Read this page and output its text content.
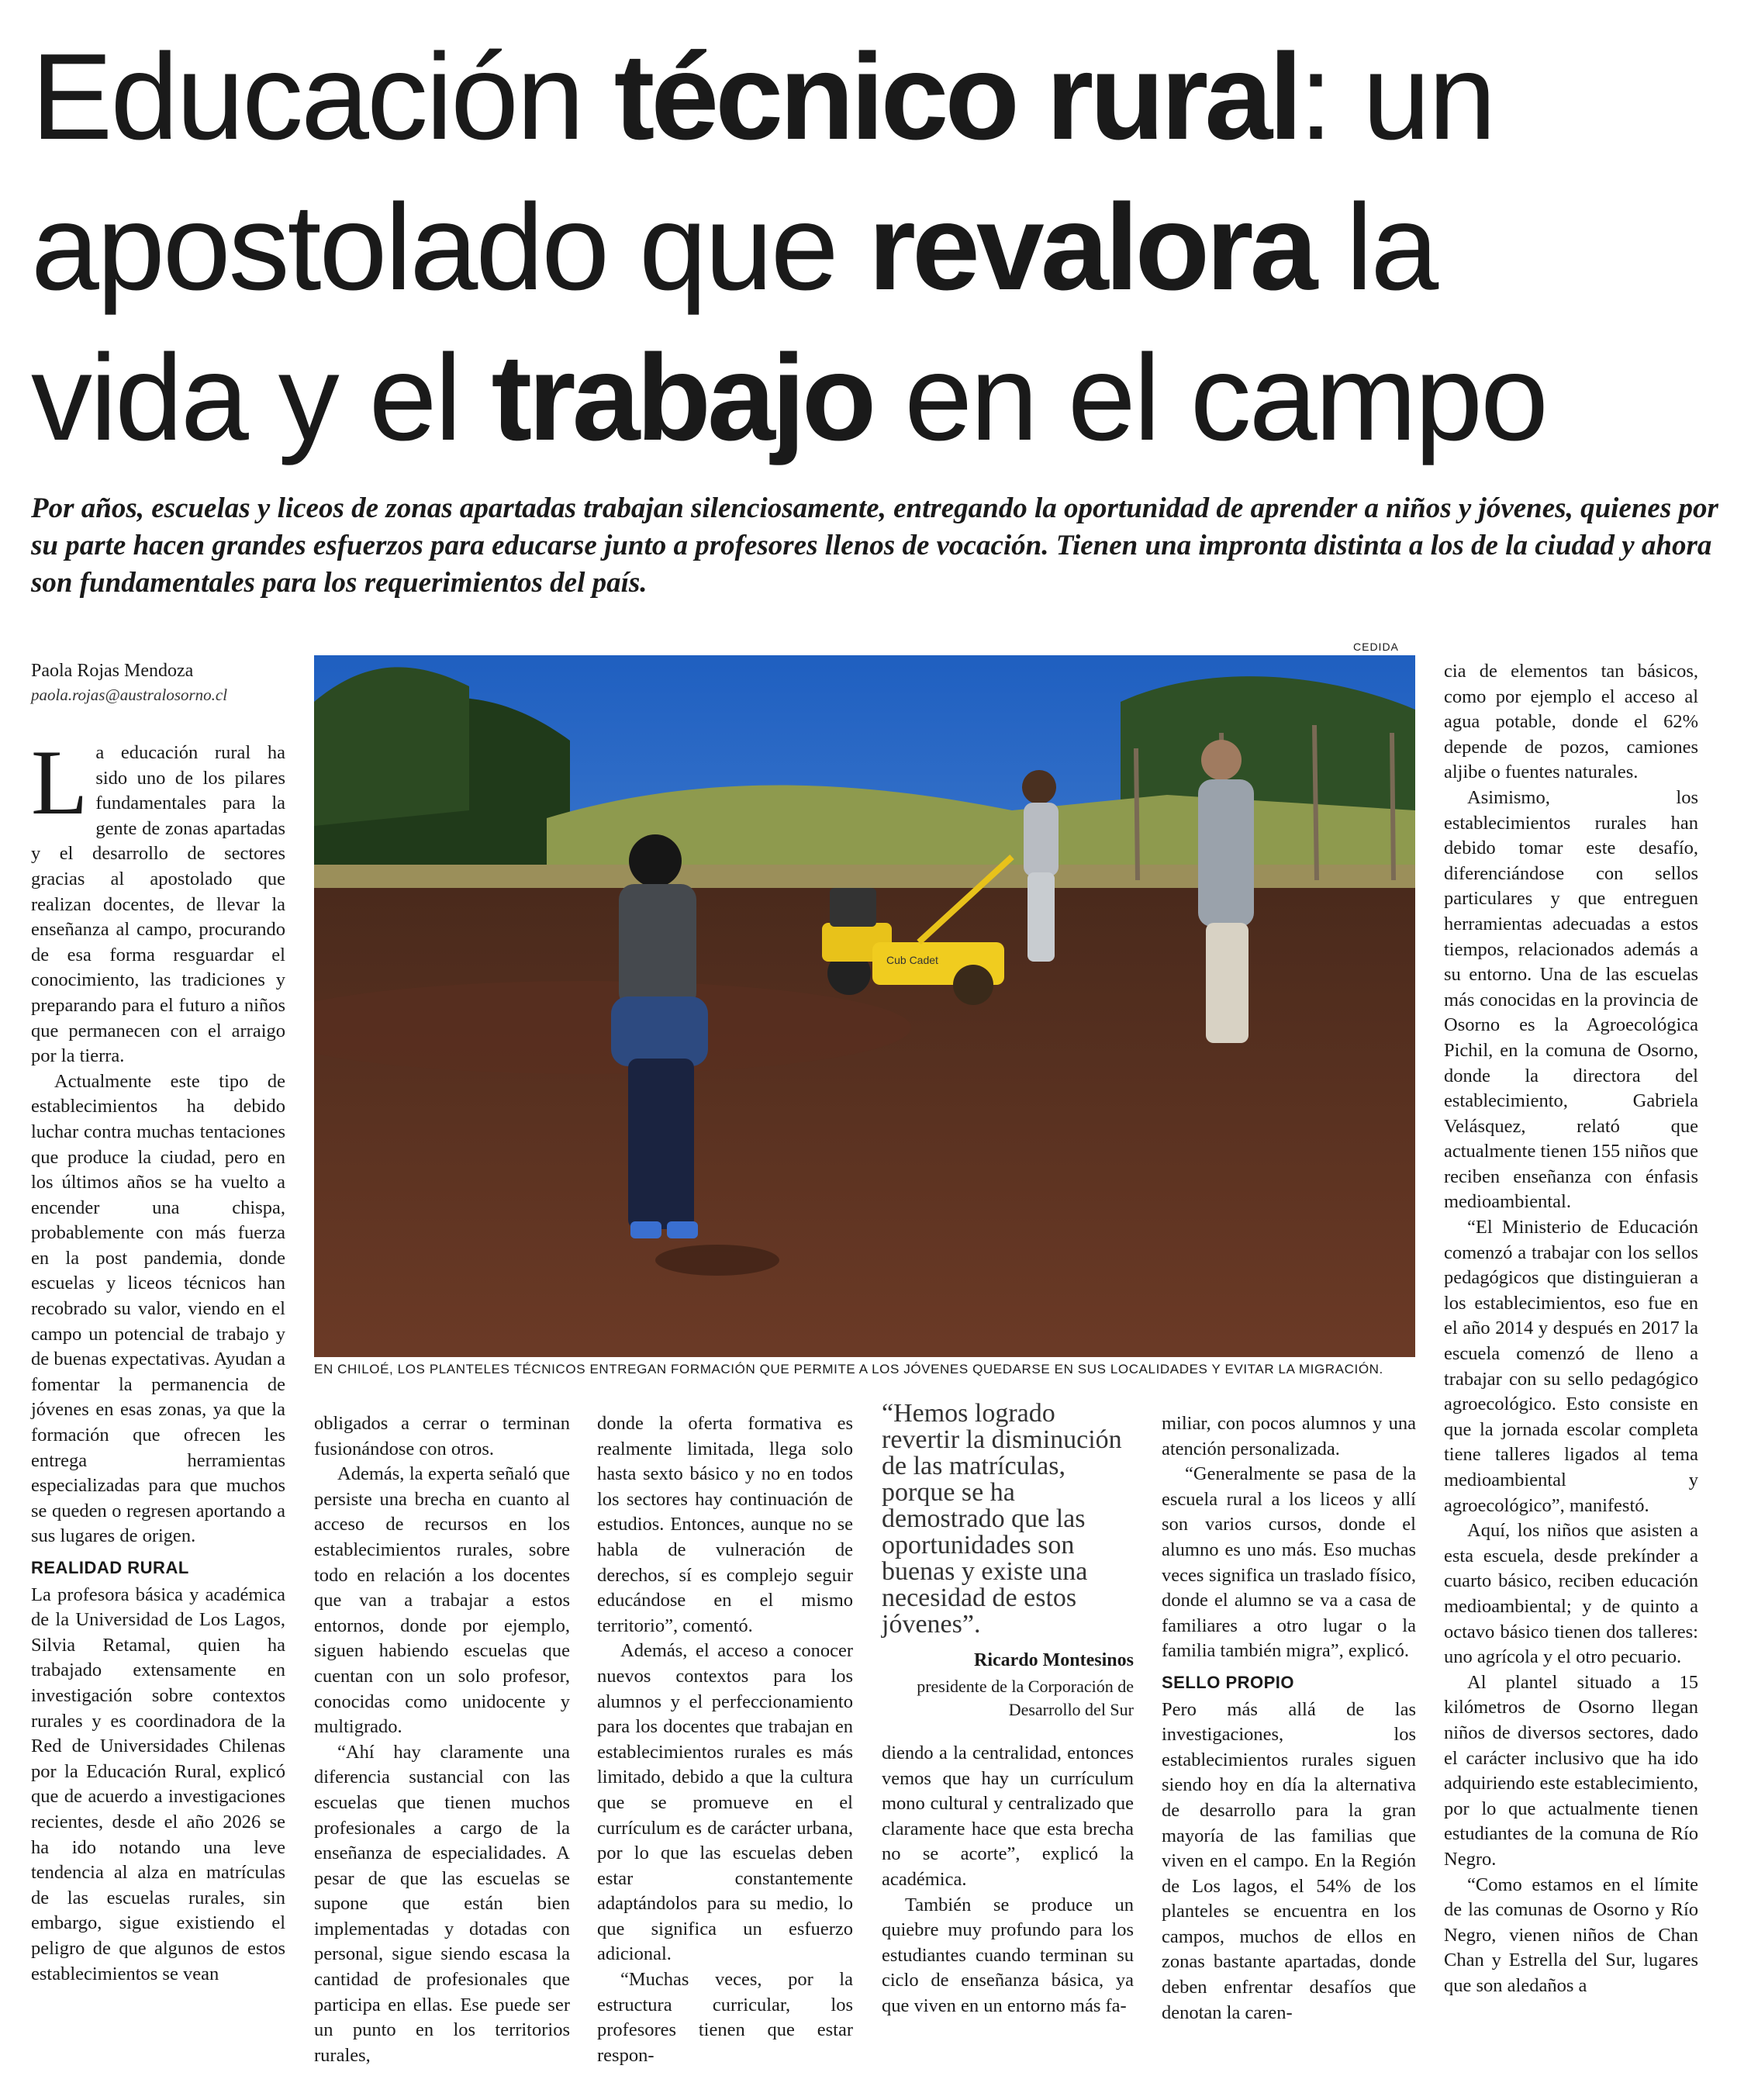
Educación técnico rural: un
apostolado que revalora la
vida y el trabajo en el campo

Por años, escuelas y liceos de zonas apartadas trabajan silenciosamente, entregando la oportunidad de aprender a niños y jóvenes, quienes por su parte hacen grandes esfuerzos para educarse junto a profesores llenos de vocación. Tienen una impronta distinta a los de la ciudad y ahora son fundamentales para los requerimientos del país.

Paola Rojas Mendoza
paola.rojas@australosorno.cl

La educación rural ha sido uno de los pilares fundamentales para la gente de zonas apartadas y el desarrollo de sectores gracias al apostolado que realizan docentes, de llevar la enseñanza al campo, procurando de esa forma resguardar el conocimiento, las tradiciones y preparando para el futuro a niños que permanecen con el arraigo por la tierra.

Actualmente este tipo de establecimientos ha debido luchar contra muchas tentaciones que produce la ciudad, pero en los últimos años se ha vuelto a encender una chispa, probablemente con más fuerza en la post pandemia, donde escuelas y liceos técnicos han recobrado su valor, viendo en el campo un potencial de trabajo y de buenas expectativas. Ayudan a fomentar la permanencia de jóvenes en esas zonas, ya que la formación que ofrecen les entrega herramientas especializadas para que muchos se queden o regresen aportando a sus lugares de origen.

REALIDAD RURAL

La profesora básica y académica de la Universidad de Los Lagos, Silvia Retamal, quien ha trabajado extensamente en investigación sobre contextos rurales y es coordinadora de la Red de Universidades Chilenas por la Educación Rural, explicó que de acuerdo a investigaciones recientes, desde el año 2026 se ha ido notando una leve tendencia al alza en matrículas de las escuelas rurales, sin embargo, sigue existiendo el peligro de que algunos de estos establecimientos se vean

CEDIDA
Cub Cadet
EN CHILOÉ, LOS PLANTELES TÉCNICOS ENTREGAN FORMACIÓN QUE PERMITE A LOS JÓVENES QUEDARSE EN SUS LOCALIDADES Y EVITAR LA MIGRACIÓN.

obligados a cerrar o terminan fusionándose con otros.

Además, la experta señaló que persiste una brecha en cuanto al acceso de recursos en los establecimientos rurales, sobre todo en relación a los docentes que van a trabajar a estos entornos, donde por ejemplo, siguen habiendo escuelas que cuentan con un solo profesor, conocidas como unidocente y multigrado.

“Ahí hay claramente una diferencia sustancial con las escuelas que tienen muchos profesionales a cargo de la enseñanza de especialidades. A pesar de que las escuelas se supone que están bien implementadas y dotadas con personal, sigue siendo escasa la cantidad de profesionales que participa en ellas. Ese puede ser un punto en los territorios rurales,

donde la oferta formativa es realmente limitada, llega solo hasta sexto básico y no en todos los sectores hay continuación de estudios. Entonces, aunque no se habla de vulneración de derechos, sí es complejo seguir educándose en el mismo territorio”, comentó.

Además, el acceso a conocer nuevos contextos para los alumnos y el perfeccionamiento para los docentes que trabajan en establecimientos rurales es más limitado, debido a que la cultura que se promueve en el currículum es de carácter urbana, por lo que las escuelas deben estar constantemente adaptándolos para su medio, lo que significa un esfuerzo adicional.

“Muchas veces, por la estructura curricular, los profesores tienen que estar respon-

“Hemos logrado revertir la disminución de las matrículas, porque se ha demostrado que las oportunidades son buenas y existe una necesidad de estos jóvenes”.
Ricardo Montesinos
presidente de la Corporación de Desarrollo del Sur

diendo a la centralidad, entonces vemos que hay un currículum mono cultural y centralizado que claramente hace que esta brecha no se acorte”, explicó la académica.

También se produce un quiebre muy profundo para los estudiantes cuando terminan su ciclo de enseñanza básica, ya que viven en un entorno más fa-

miliar, con pocos alumnos y una atención personalizada.

“Generalmente se pasa de la escuela rural a los liceos y allí son varios cursos, donde el alumno es uno más. Eso muchas veces significa un traslado físico, donde el alumno se va a casa de familiares a otro lugar o la familia también migra”, explicó.

SELLO PROPIO

Pero más allá de las investigaciones, los establecimientos rurales siguen siendo hoy en día la alternativa de desarrollo para la gran mayoría de las familias que viven en el campo. En la Región de Los lagos, el 54% de los planteles se encuentra en los campos, muchos de ellos en zonas bastante apartadas, donde deben enfrentar desafíos que denotan la caren-

cia de elementos tan básicos, como por ejemplo el acceso al agua potable, donde el 62% depende de pozos, camiones aljibe o fuentes naturales.

Asimismo, los establecimientos rurales han debido tomar este desafío, diferenciándose con sellos particulares y que entreguen herramientas adecuadas a estos tiempos, relacionados además a su entorno. Una de las escuelas más conocidas en la provincia de Osorno es la Agroecológica Pichil, en la comuna de Osorno, donde la directora del establecimiento, Gabriela Velásquez, relató que actualmente tienen 155 niños que reciben enseñanza con énfasis medioambiental.

“El Ministerio de Educación comenzó a trabajar con los sellos pedagógicos que distinguieran a los establecimientos, eso fue en el año 2014 y después en 2017 la escuela comenzó de lleno a trabajar con su sello pedagógico agroecológico. Esto consiste en que la jornada escolar completa tiene talleres ligados al tema medioambiental y agroecológico”, manifestó.

Aquí, los niños que asisten a esta escuela, desde prekínder a cuarto básico, reciben educación medioambiental; y de quinto a octavo básico tienen dos talleres: uno agrícola y el otro pecuario.

Al plantel situado a 15 kilómetros de Osorno llegan niños de diversos sectores, dado el carácter inclusivo que ha ido adquiriendo este establecimiento, por lo que actualmente tienen estudiantes de la comuna de Río Negro.

“Como estamos en el límite de las comunas de Osorno y Río Negro, vienen niños de Chan Chan y Estrella del Sur, lugares que son aledaños a
